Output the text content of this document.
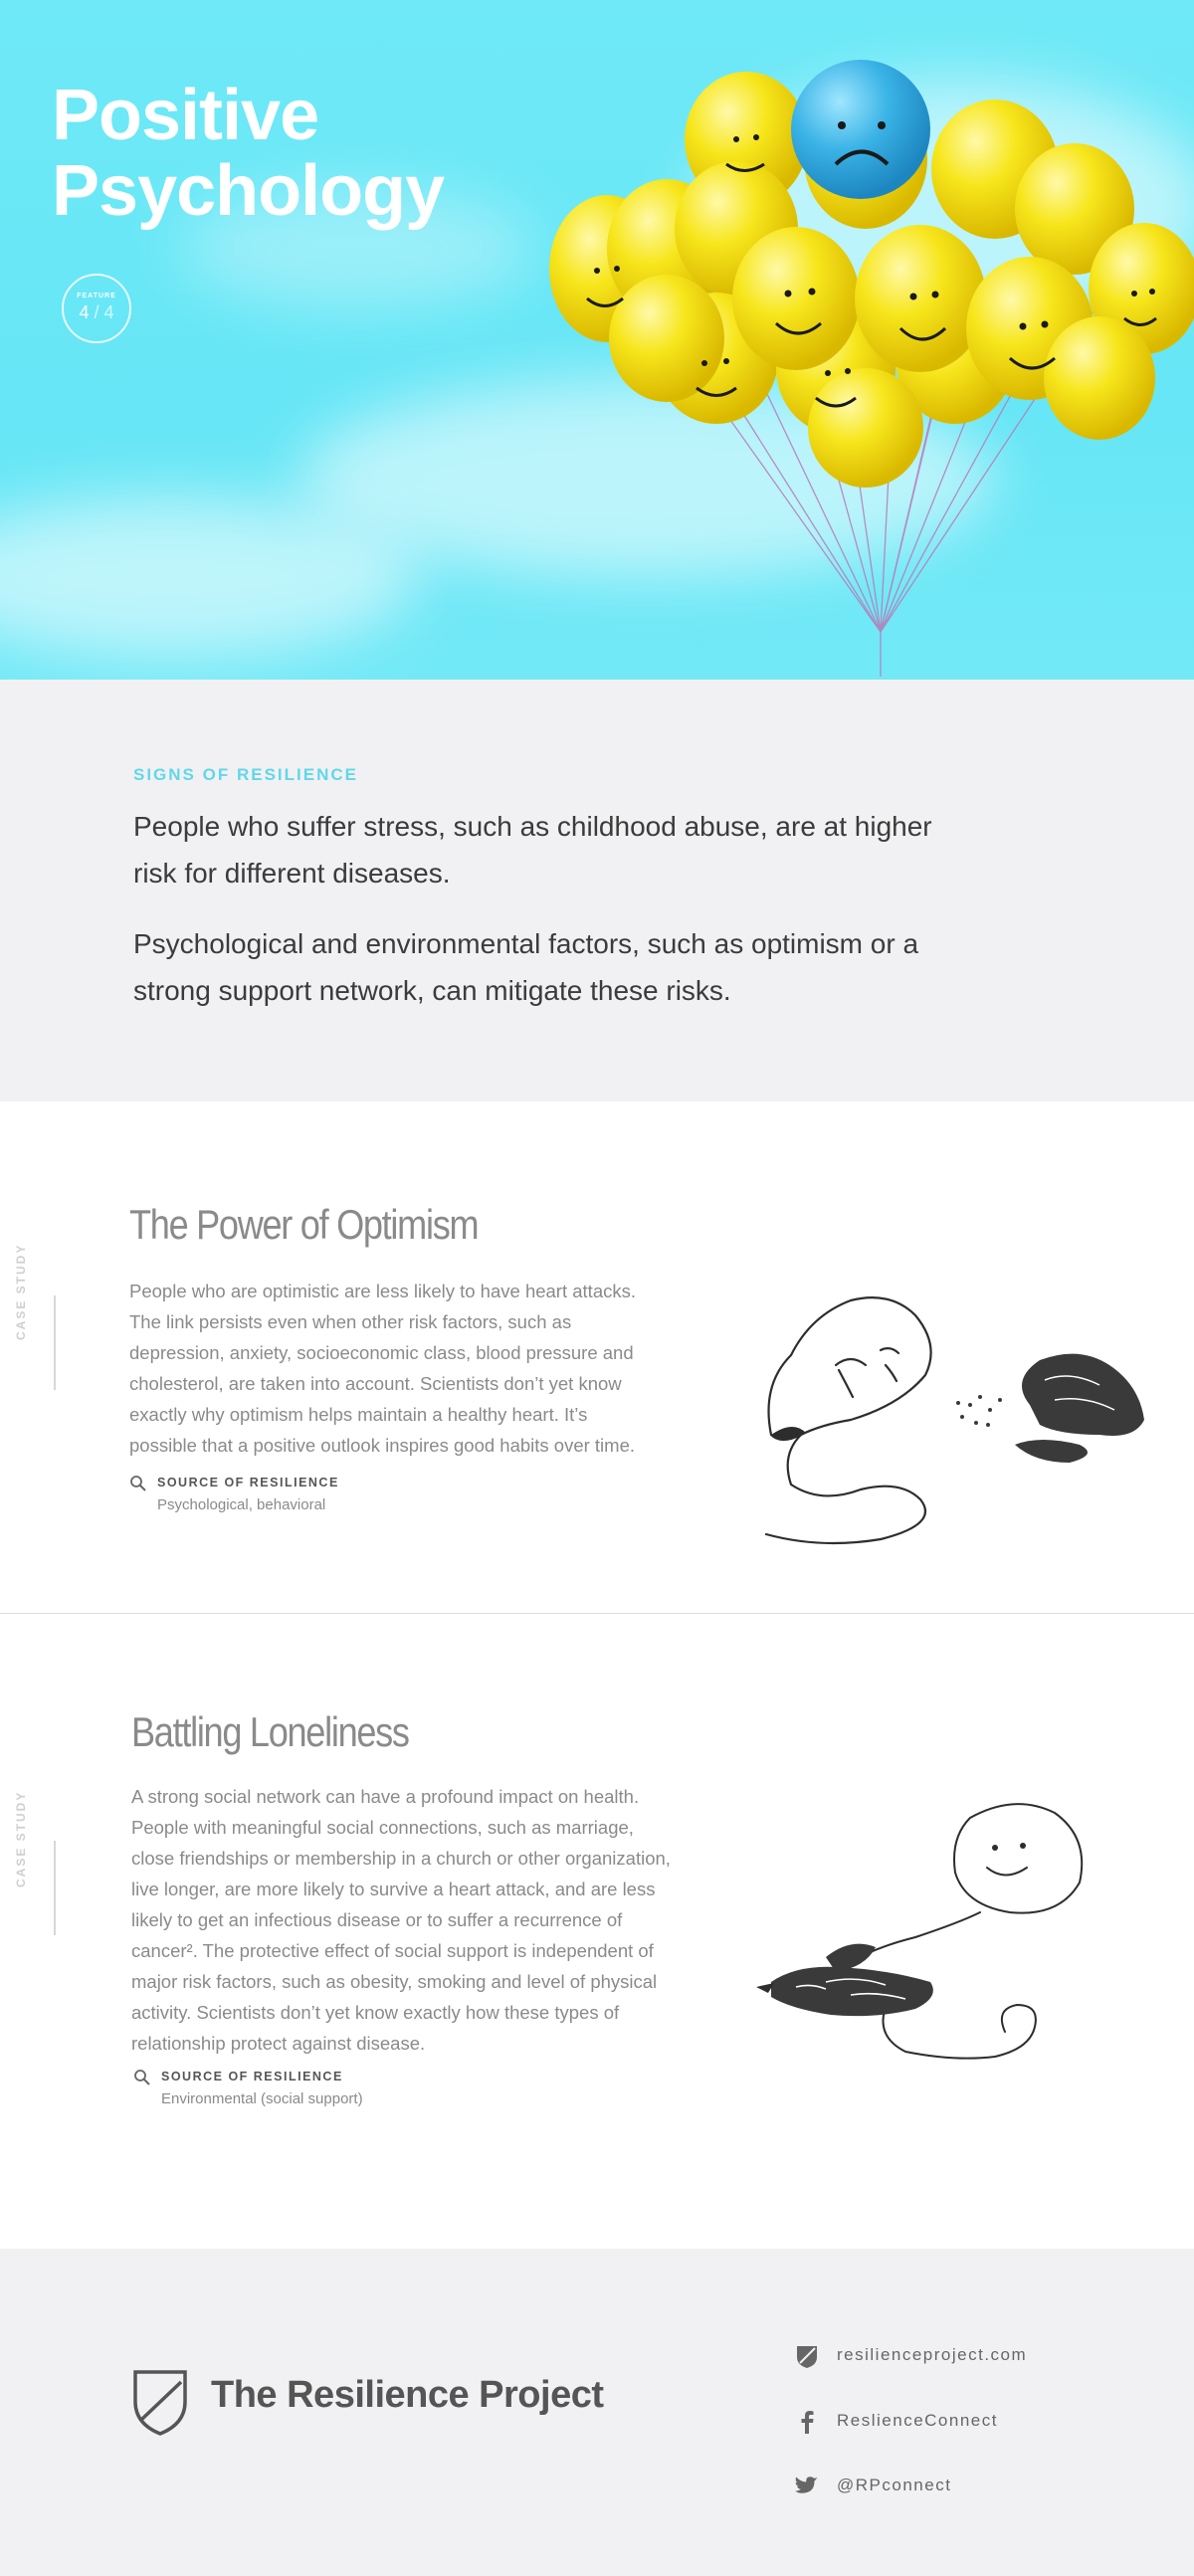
Positive
Psychology
FEATURE
4 / 4
SIGNS OF RESILIENCE

People who suffer stress, such as childhood abuse, are at higher risk for different diseases.

Psychological and environmental factors, such as optimism or a strong support network, can mitigate these risks.

CASE STUDY
The Power of Optimism

People who are optimistic are less likely to have heart attacks. The link persists even when other risk factors, such as depression, anxiety, socioeconomic class, blood pressure and cholesterol, are taken into account. Scientists don’t yet know exactly why optimism helps maintain a healthy heart. It’s possible that a positive outlook inspires good habits over time.

SOURCE OF RESILIENCE
Psychological, behavioral
CASE STUDY
Battling Loneliness

A strong social network can have a profound impact on health. People with meaningful social connections, such as marriage, close friendships or membership in a church or other organization, live longer, are more likely to survive a heart attack, and are less likely to get an infectious disease or to suffer a recurrence of cancer². The protective effect of social support is independent of major risk factors, such as obesity, smoking and level of physical activity. Scientists don’t yet know exactly how these types of relationship protect against disease.

SOURCE OF RESILIENCE
Environmental (social support)
The Resilience Project
resilienceproject.com
ReslienceConnect
@RPconnect
